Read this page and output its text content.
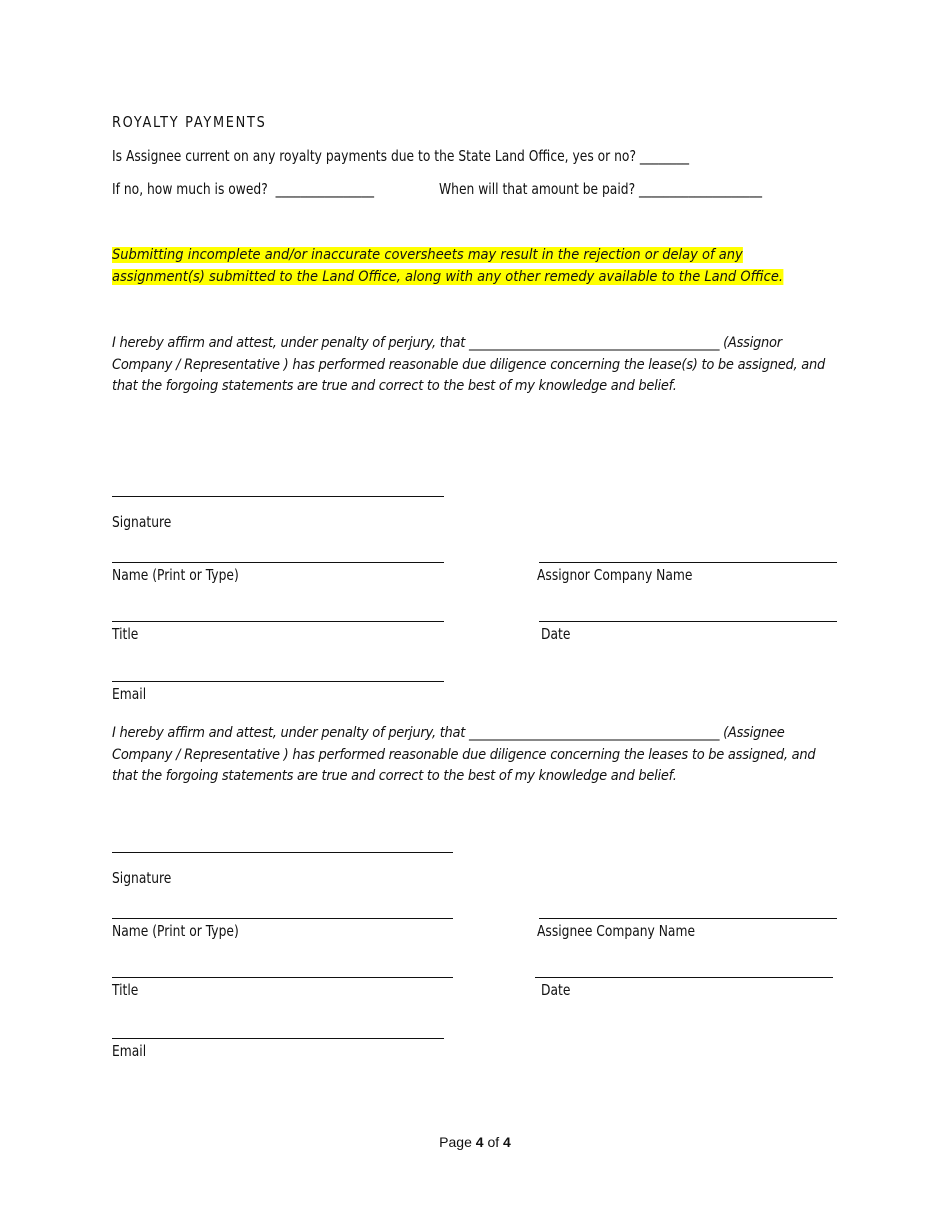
ROYALTY PAYMENTS
Is Assignee current on any royalty payments due to the State Land Office, yes or no? ________
If no, how much is owed?  ________________	When will that amount be paid? ____________________
Submitting incomplete and/or inaccurate coversheets may result in the rejection or delay of any assignment(s) submitted to the Land Office, along with any other remedy available to the Land Office.
I hereby affirm and attest, under penalty of perjury, that ________________________________________ (Assignor Company / Representative ) has performed reasonable due diligence concerning the lease(s) to be assigned, and that the forgoing statements are true and correct to the best of my knowledge and belief.
Signature
Name (Print or Type)	Assignor Company Name
Title	Date
Email
I hereby affirm and attest, under penalty of perjury, that ________________________________________ (Assignee Company / Representative ) has performed reasonable due diligence concerning the leases to be assigned, and that the forgoing statements are true and correct to the best of my knowledge and belief.
Signature
Name (Print or Type)	Assignee Company Name
Title	Date
Email
Page 4 of 4
